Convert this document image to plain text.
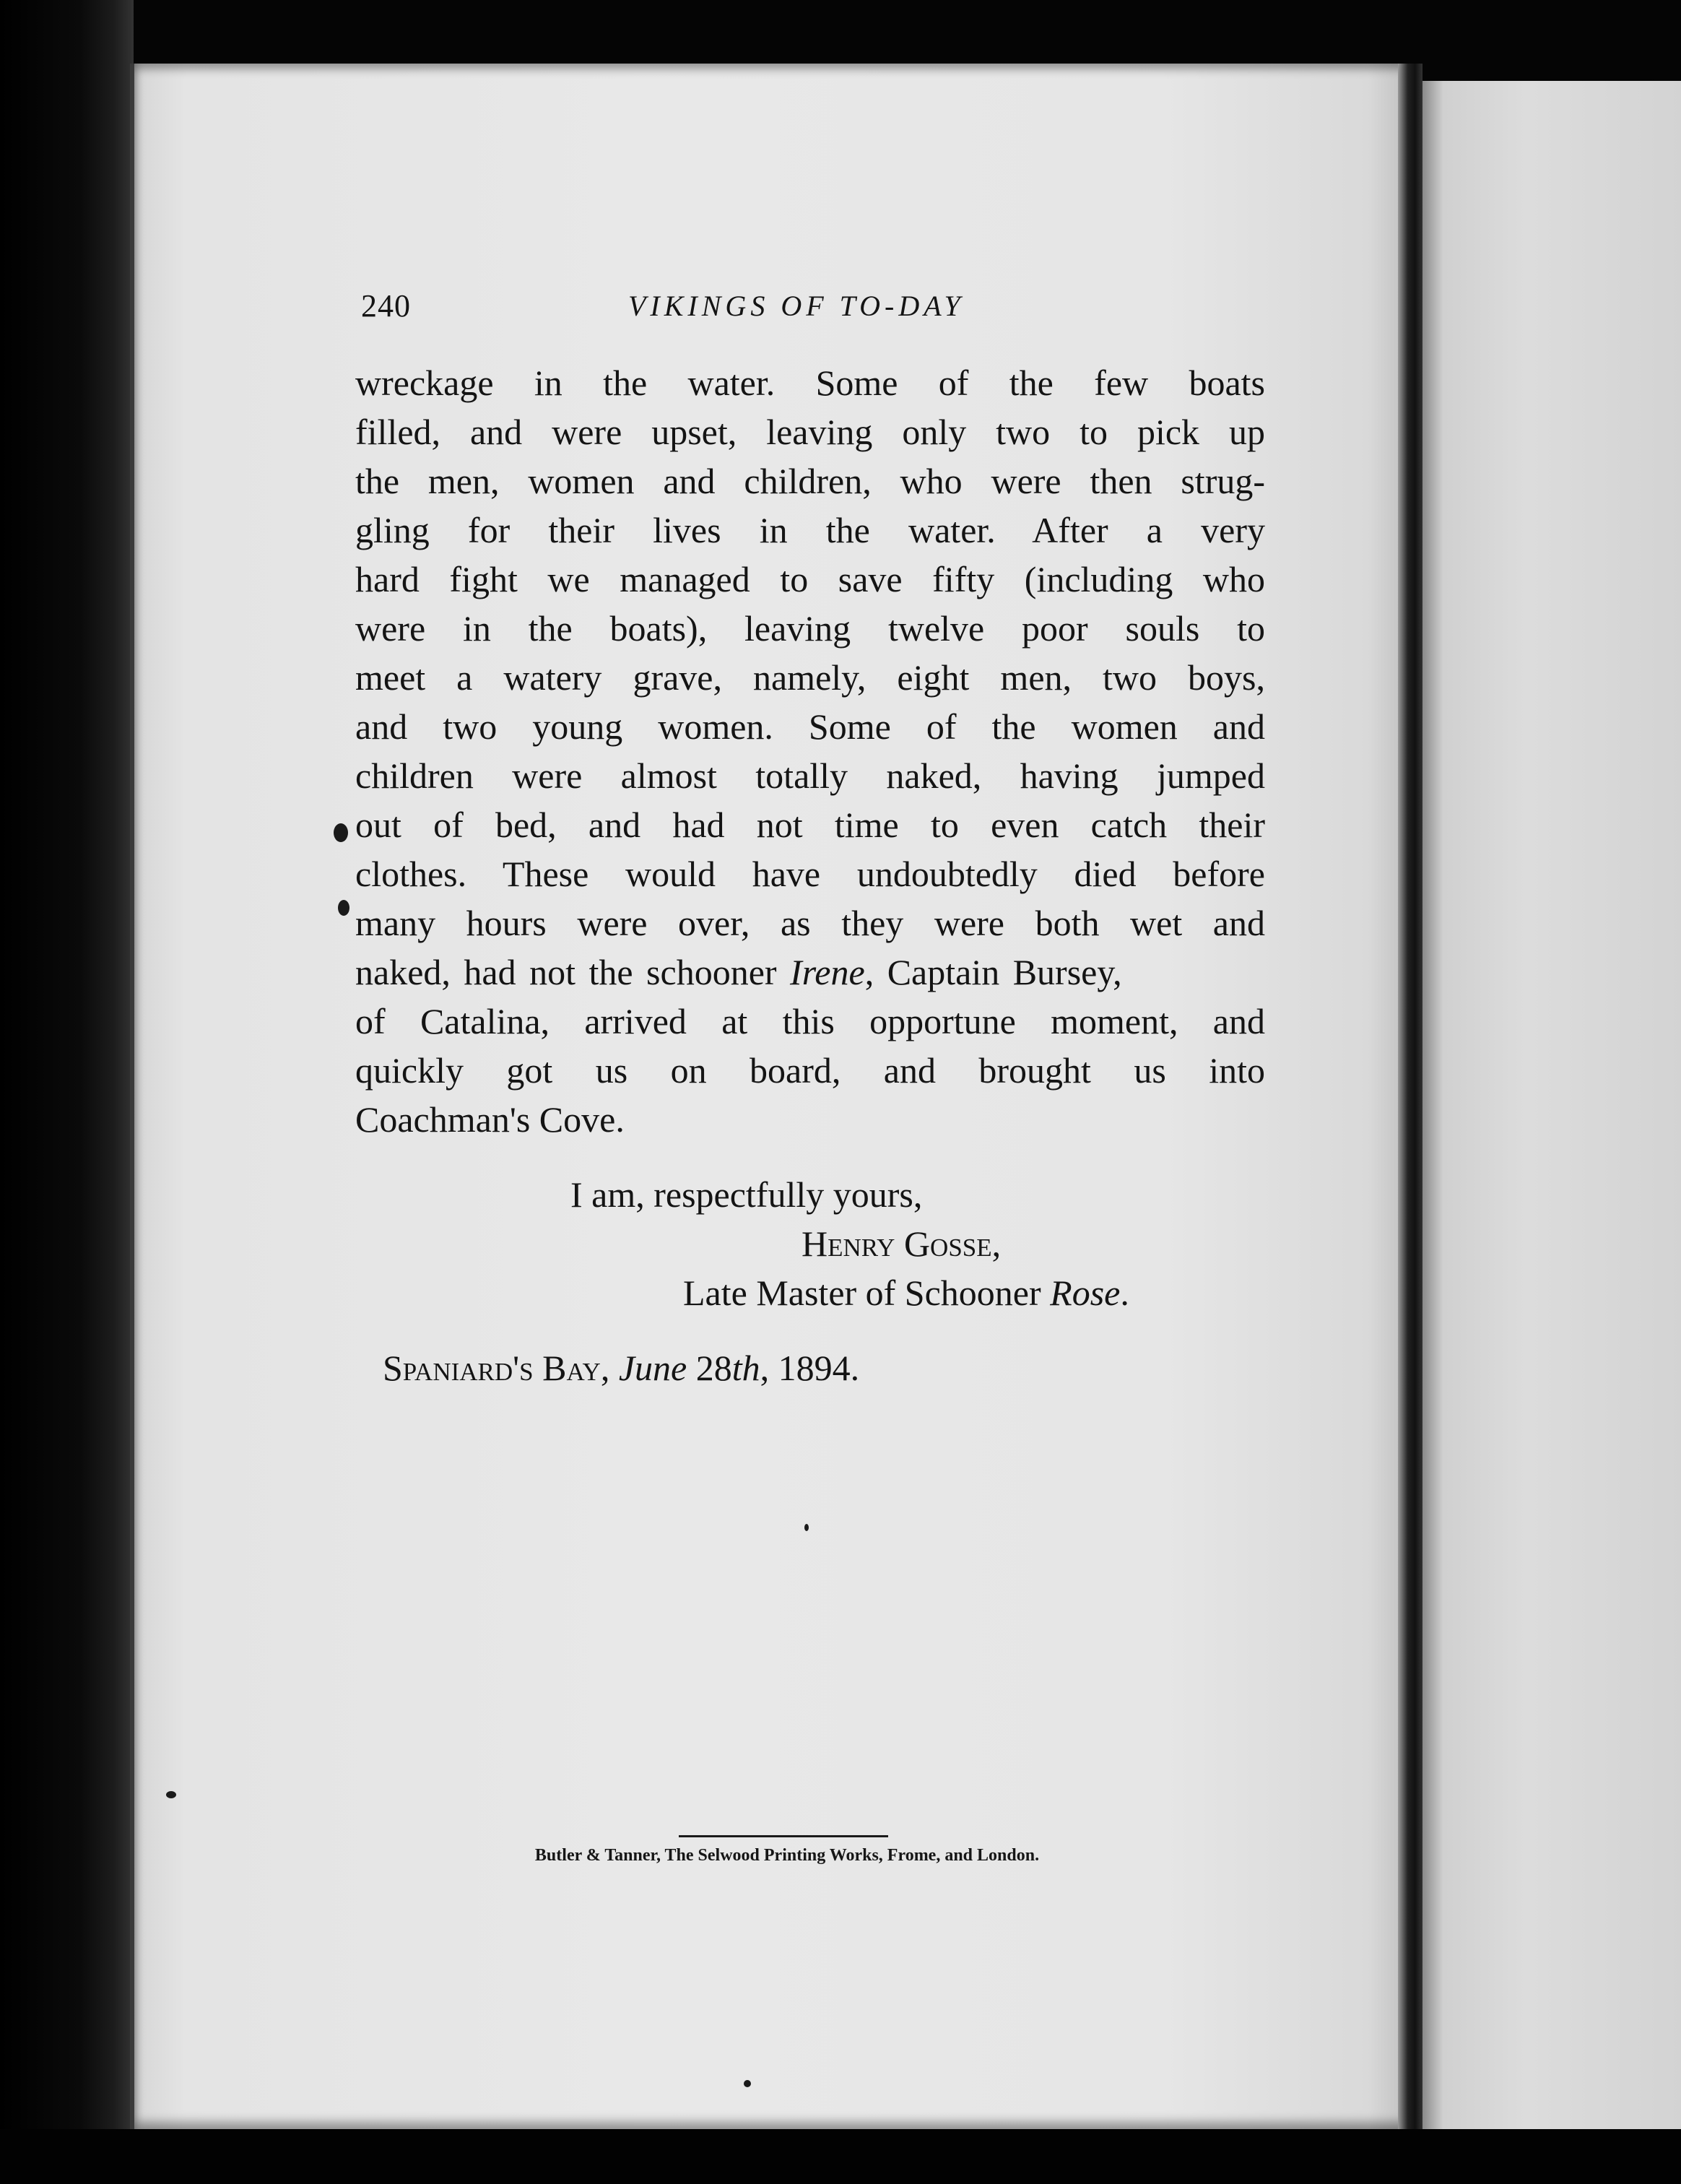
240	VIKINGS OF TO-DAY
wreckage in the water. Some of the few boats
filled, and were upset, leaving only two to pick up
the men, women and children, who were then strug-
gling for their lives in the water. After a very
hard fight we managed to save fifty (including who
were in the boats), leaving twelve poor souls to
meet a watery grave, namely, eight men, two boys,
and two young women. Some of the women and
children were almost totally naked, having jumped
out of bed, and had not time to even catch their
clothes. These would have undoubtedly died before
many hours were over, as they were both wet and
naked, had not the schooner Irene, Captain Bursey,
of Catalina, arrived at this opportune moment, and
quickly got us on board, and brought us into
Coachman's Cove.
I am, respectfully yours,
Henry Gosse,
Late Master of Schooner Rose.
Spaniard's Bay, June 28th, 1894.
Butler & Tanner, The Selwood Printing Works, Frome, and London.
